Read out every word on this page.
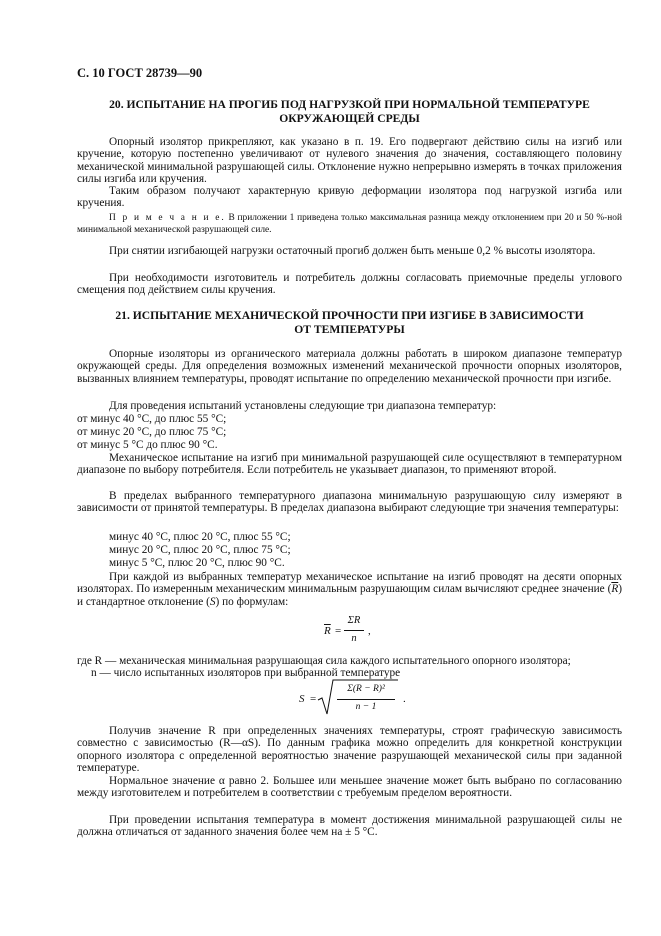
С. 10 ГОСТ 28739—90
20. ИСПЫТАНИЕ НА ПРОГИБ ПОД НАГРУЗКОЙ ПРИ НОРМАЛЬНОЙ ТЕМПЕРАТУРЕ
ОКРУЖАЮЩЕЙ СРЕДЫ

Опорный изолятор прикрепляют, как указано в п. 19. Его подвергают действию силы на изгиб или кручение, которую постепенно увеличивают от нулевого значения до значения, составляющего половину механической минимальной разрушающей силы. Отклонение нужно непрерывно измерять в точках приложения силы изгиба или кручения.

Таким образом получают характерную кривую деформации изолятора под нагрузкой изгиба или кручения.

П р и м е ч а н и е. В приложении 1 приведена только максимальная разница между отклонением при 20 и 50 %-ной минимальной механической разрушающей силе.

При снятии изгибающей нагрузки остаточный прогиб должен быть меньше 0,2 % высоты изолятора.

При необходимости изготовитель и потребитель должны согласовать приемочные пределы углового смещения под действием силы кручения.

21. ИСПЫТАНИЕ МЕХАНИЧЕСКОЙ ПРОЧНОСТИ ПРИ ИЗГИБЕ В ЗАВИСИМОСТИ
ОТ ТЕМПЕРАТУРЫ

Опорные изоляторы из органического материала должны работать в широком диапазоне температур окружающей среды. Для определения возможных изменений механической прочности опорных изоляторов, вызванных влиянием температуры, проводят испытание по определению механической прочности при изгибе.

Для проведения испытаний установлены следующие три диапазона температур:

от минус 40 °С, до плюс 55 °С;
от минус 20 °С, до плюс 75 °С;
от минус 5 °С до плюс 90 °С.

Механическое испытание на изгиб при минимальной разрушающей силе осуществляют в температурном диапазоне по выбору потребителя. Если потребитель не указывает диапазон, то применяют второй.

В пределах выбранного температурного диапазона минимальную разрушающую силу измеряют в зависимости от принятой температуры. В пределах диапазона выбирают следующие три значения температуры:

минус 40 °С, плюс 20 °С, плюс 55 °С;
минус 20 °С, плюс 20 °С, плюс 75 °С;
минус 5 °С, плюс 20 °С, плюс 90 °С.

При каждой из выбранных температур механическое испытание на изгиб проводят на десяти опорных изоляторах. По измеренным механическим минимальным разрушающим силам вычисляют среднее значение $(\overline{R})$ и стандартное отклонение (S) по формулам:

$\overline{R}$ =
ΣR
n
,

где R — механическая минимальная разрушающая сила каждого испытательного опорного изолятора;

n — число испытанных изоляторов при выбранной температуре
S =
Σ(R − R)²
n − 1
.

Получив значение R при определенных значениях температуры, строят графическую зависимость совместно с зависимостью (R—αS). По данным графика можно определить для конкретной конструкции опорного изолятора с определенной вероятностью значение разрушающей механической силы при заданной температуре.

Нормальное значение α равно 2. Большее или меньшее значение может быть выбрано по согласованию между изготовителем и потребителем в соответствии с требуемым пределом вероятности.

При проведении испытания температура в момент достижения минимальной разрушающей силы не должна отличаться от заданного значения более чем на ± 5 °С.
